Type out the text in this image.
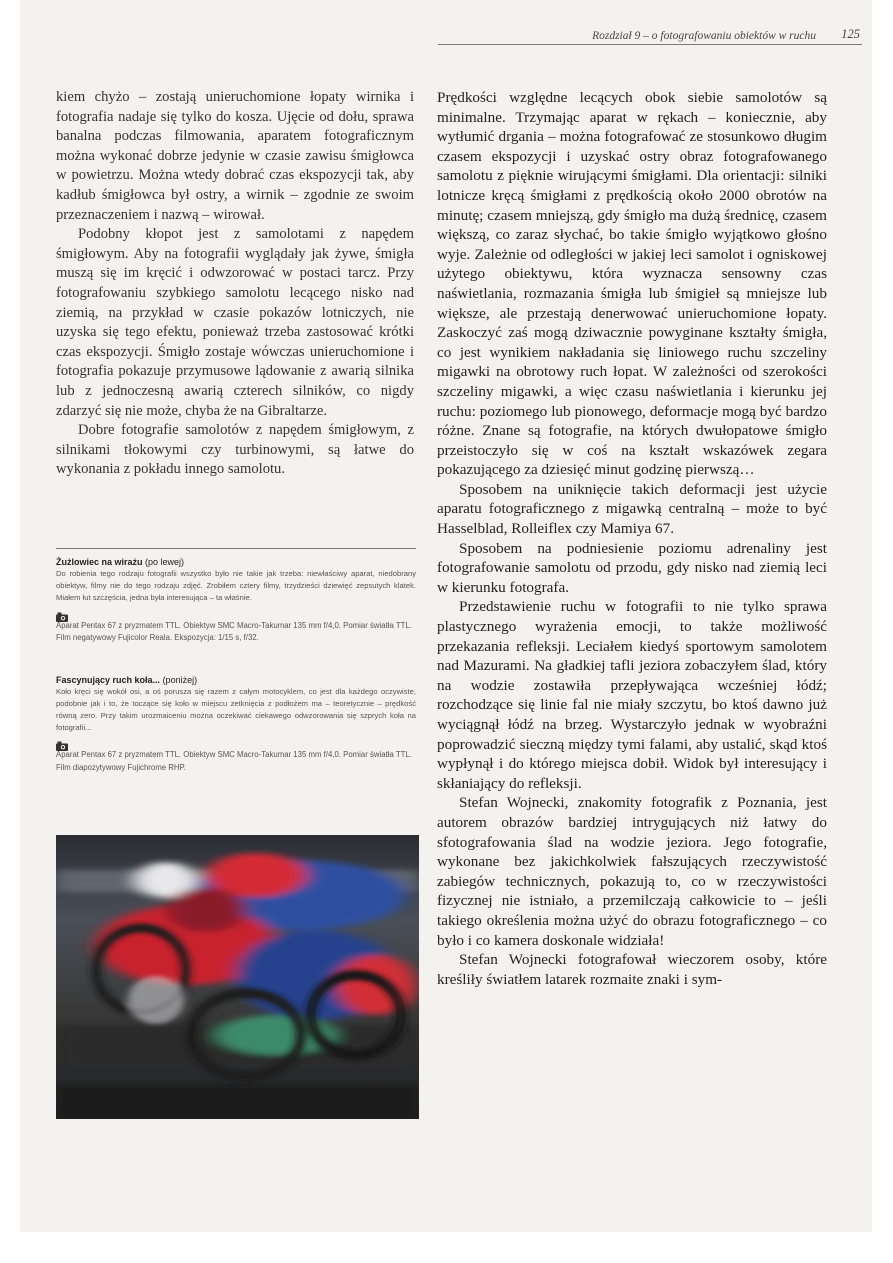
Rozdział 9 – o fotografowaniu obiektów w ruchu 125

kiem chyżo – zostają unieruchomione łopaty wirnika i fotografia nadaje się tylko do kosza. Ujęcie od dołu, sprawa banalna podczas filmowania, aparatem fotograficznym można wykonać dobrze jedynie w czasie zawisu śmigłowca w powietrzu. Można wtedy dobrać czas ekspozycji tak, aby kadłub śmigłowca był ostry, a wirnik – zgodnie ze swoim przeznaczeniem i nazwą – wirował.

Podobny kłopot jest z samolotami z napędem śmigłowym. Aby na fotografii wyglądały jak żywe, śmigła muszą się im kręcić i odwzorować w postaci tarcz. Przy fotografowaniu szybkiego samolotu lecącego nisko nad ziemią, na przykład w czasie pokazów lotniczych, nie uzyska się tego efektu, ponieważ trzeba zastosować krótki czas ekspozycji. Śmigło zostaje wówczas unieruchomione i fotografia pokazuje przymusowe lądowanie z awarią silnika lub z jednoczesną awarią czterech silników, co nigdy zdarzyć się nie może, chyba że na Gibraltarze.

Dobre fotografie samolotów z napędem śmigłowym, z silnikami tłokowymi czy turbinowymi, są łatwe do wykonania z pokładu innego samolotu.

Żużlowiec na wirażu (po lewej)

Do robienia tego rodzaju fotografii wszystko było nie takie jak trzeba: niewłaściwy aparat, niedobrany obiektyw, filmy nie do tego rodzaju zdjęć. Zrobiłem cztery filmy, trzydzieści dziewięć zepsutych klatek. Miałem łut szczęścia, jedna była interesująca – ta właśnie.

Aparat Pentax 67 z pryzmatem TTL. Obiektyw SMC Macro-Takumar 135 mm f/4,0. Pomiar światła TTL. Film negatywowy Fujicolor Reala. Ekspozycja: 1/15 s, f/32.

Fascynujący ruch koła... (poniżej)

Koło kręci się wokół osi, a oś porusza się razem z całym motocyklem, co jest dla każdego oczywiste, podobnie jak i to, że toczące się koło w miejscu zetknięcia z podłożem ma – teoretycznie – prędkość równą zero. Przy takim urozmaiceniu można oczekiwać ciekawego odwzorowania się szprych koła na fotografii...

Aparat Pentax 67 z pryzmatem TTL. Obiektyw SMC Macro-Takumar 135 mm f/4,0. Pomiar światła TTL. Film diapozytywowy Fujichrome RHP.

Prędkości względne lecących obok siebie samolotów są minimalne. Trzymając aparat w rękach – koniecznie, aby wytłumić drgania – można fotografować ze stosunkowo długim czasem ekspozycji i uzyskać ostry obraz fotografowanego samolotu z pięknie wirującymi śmigłami. Dla orientacji: silniki lotnicze kręcą śmigłami z prędkością około 2000 obrotów na minutę; czasem mniejszą, gdy śmigło ma dużą średnicę, czasem większą, co zaraz słychać, bo takie śmigło wyjątkowo głośno wyje. Zależnie od odległości w jakiej leci samolot i ogniskowej użytego obiektywu, która wyznacza sensowny czas naświetlania, rozmazania śmigła lub śmigieł są mniejsze lub większe, ale przestają denerwować unieruchomione łopaty. Zaskoczyć zaś mogą dziwacznie powyginane kształty śmigła, co jest wynikiem nakładania się liniowego ruchu szczeliny migawki na obrotowy ruch łopat. W zależności od szerokości szczeliny migawki, a więc czasu naświetlania i kierunku jej ruchu: poziomego lub pionowego, deformacje mogą być bardzo różne. Znane są fotografie, na których dwułopatowe śmigło przeistoczyło się w coś na kształt wskazówek zegara pokazującego za dziesięć minut godzinę pierwszą…

Sposobem na uniknięcie takich deformacji jest użycie aparatu fotograficznego z migawką centralną – może to być Hasselblad, Rolleiflex czy Mamiya 67.

Sposobem na podniesienie poziomu adrenaliny jest fotografowanie samolotu od przodu, gdy nisko nad ziemią leci w kierunku fotografa.

Przedstawienie ruchu w fotografii to nie tylko sprawa plastycznego wyrażenia emocji, to także możliwość przekazania refleksji. Leciałem kiedyś sportowym samolotem nad Mazurami. Na gładkiej tafli jeziora zobaczyłem ślad, który na wodzie zostawiła przepływająca wcześniej łódź; rozchodzące się linie fal nie miały szczytu, bo ktoś dawno już wyciągnął łódź na brzeg. Wystarczyło jednak w wyobraźni poprowadzić sieczną między tymi falami, aby ustalić, skąd ktoś wypłynął i do którego miejsca dobił. Widok był interesujący i skłaniający do refleksji.

Stefan Wojnecki, znakomity fotografik z Poznania, jest autorem obrazów bardziej intrygujących niż łatwy do sfotografowania ślad na wodzie jeziora. Jego fotografie, wykonane bez jakichkolwiek fałszujących rzeczywistość zabiegów technicznych, pokazują to, co w rzeczywistości fizycznej nie istniało, a przemilczają całkowicie to – jeśli takiego określenia można użyć do obrazu fotograficznego – co było i co kamera doskonale widziała!

Stefan Wojnecki fotografował wieczorem osoby, które kreśliły światłem latarek rozmaite znaki i sym-
